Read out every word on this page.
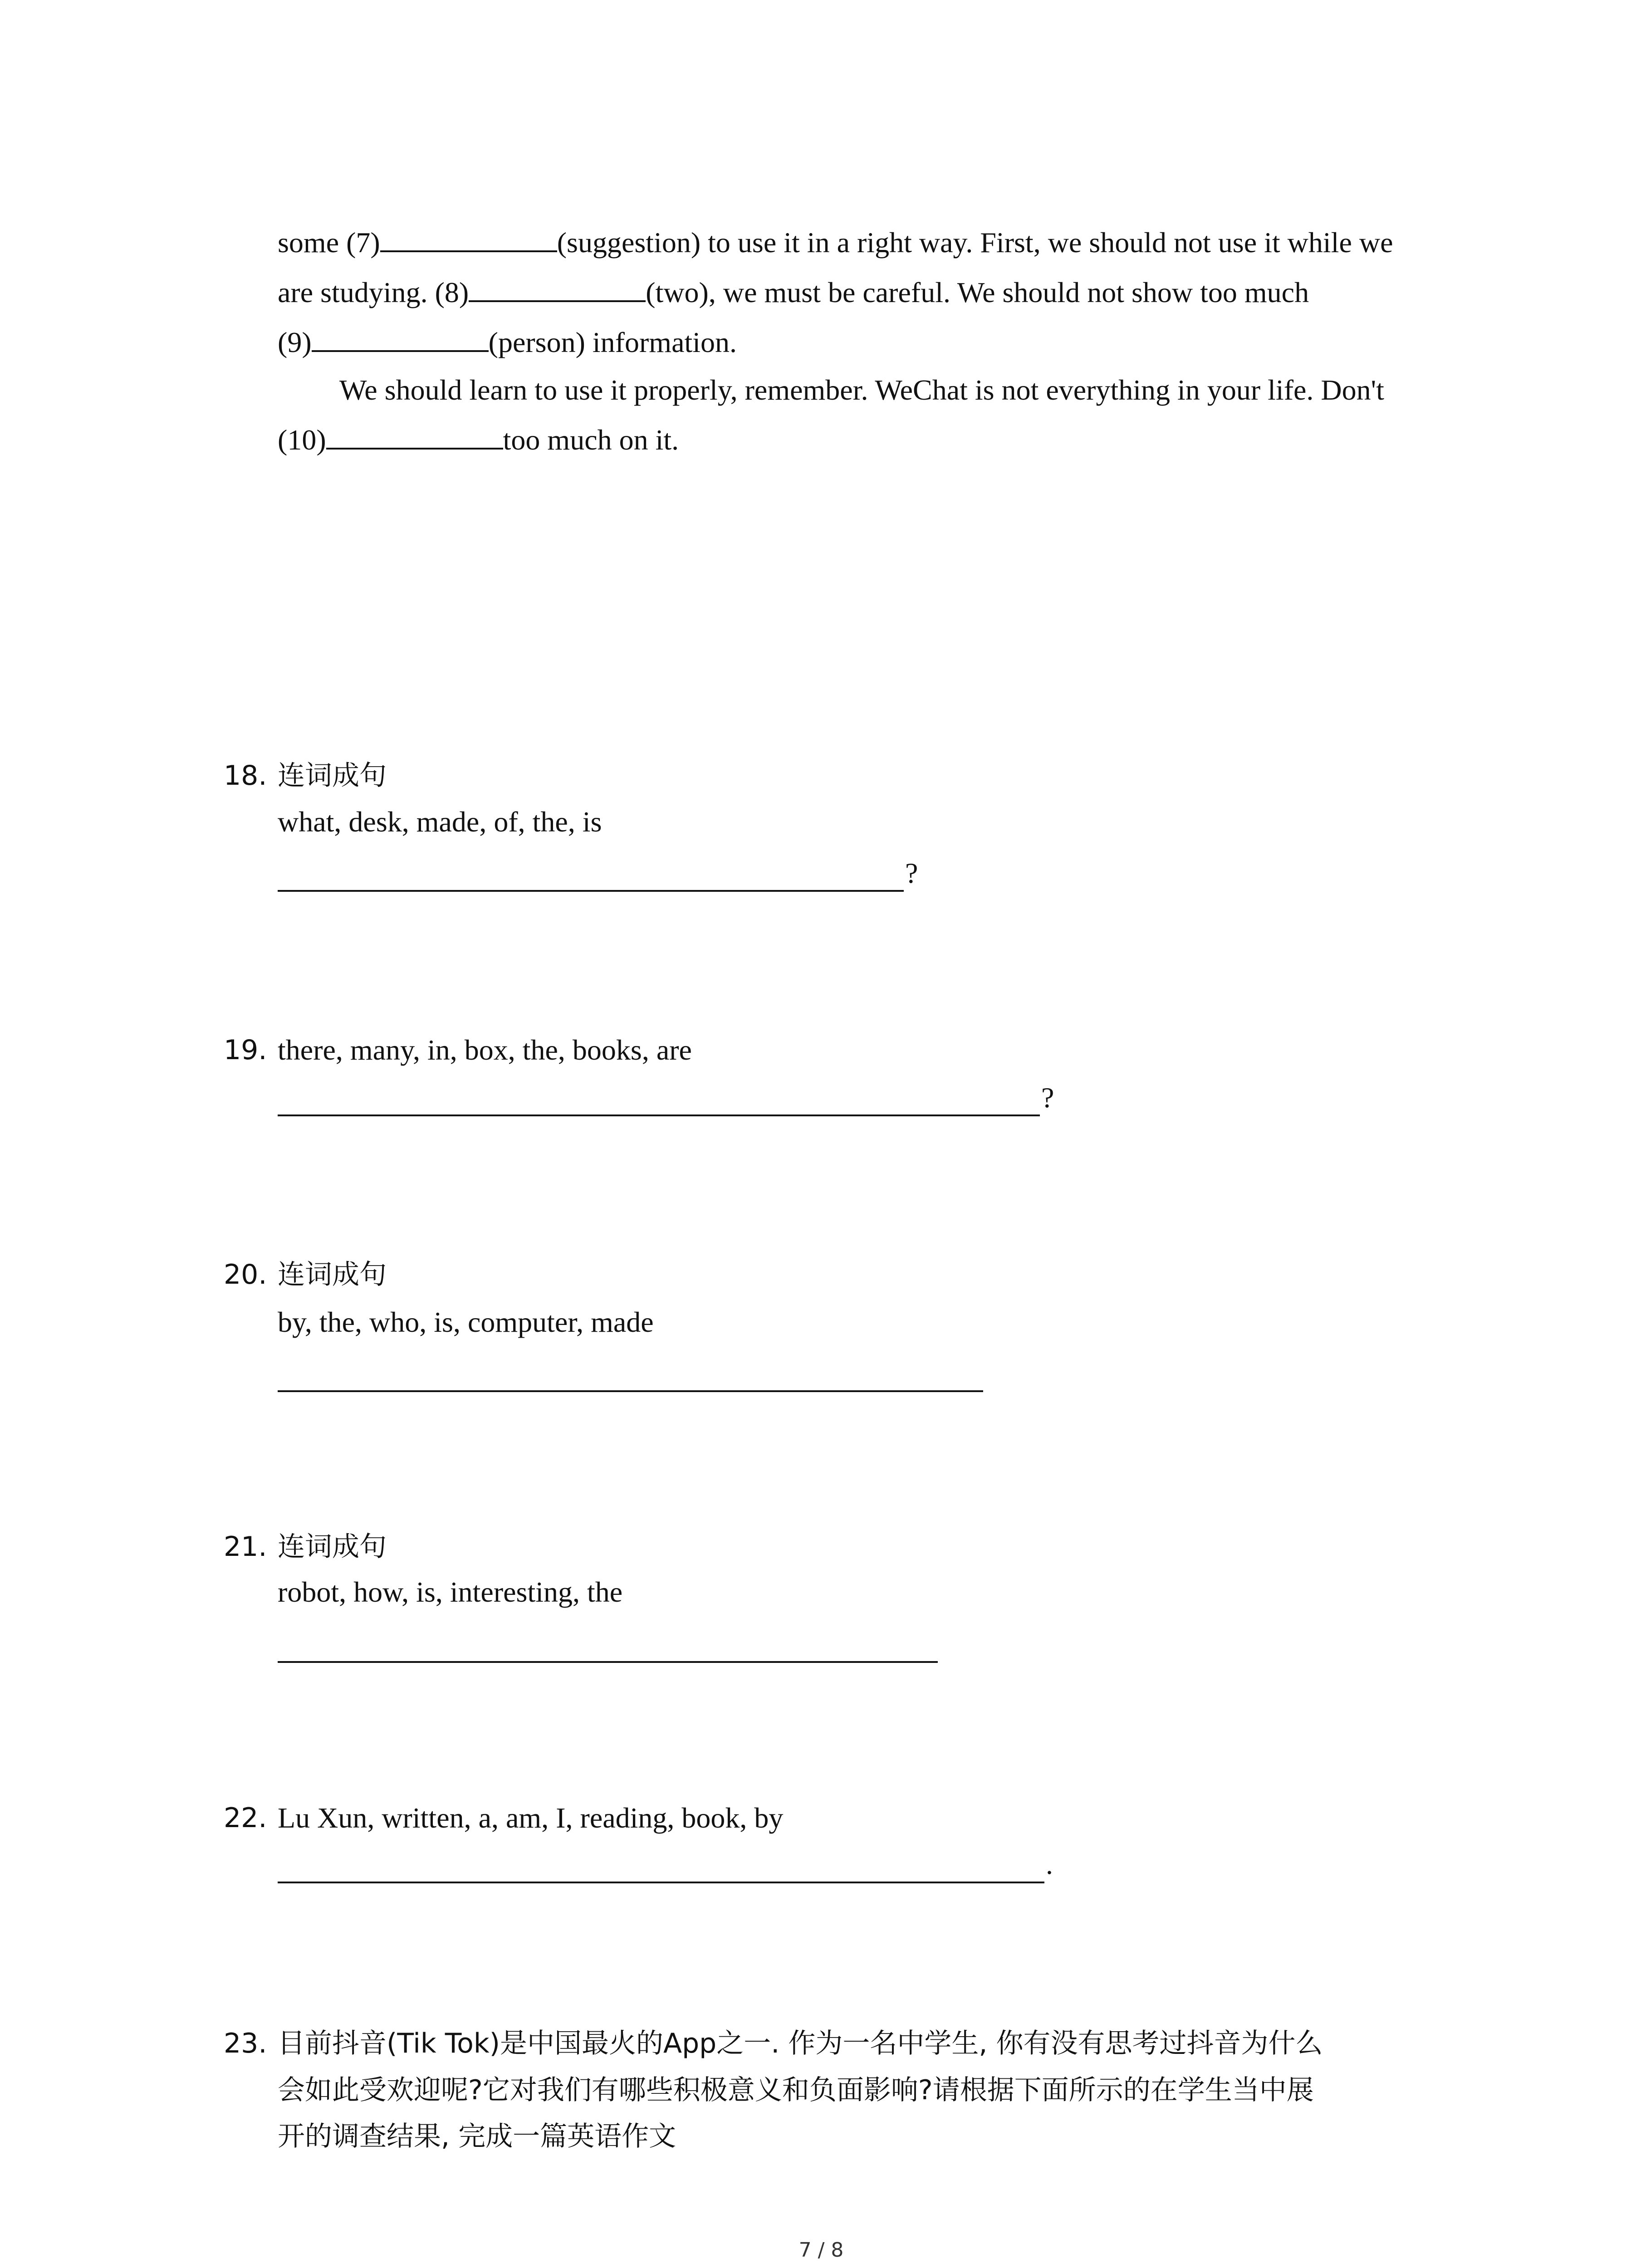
some (7)	(suggestion) to use it in a right way. First, we should not use it while we
are studying. (8)	(two), we must be careful. We should not show too much
(9)	(person) information.
We should learn to use it properly, remember. WeChat is not everything in your life. Don't
(10)	too much on it.
18. 连词成句
what, desk, made, of, the, is
?
19. there, many, in, box, the, books, are
?
20. 连词成句
by, the, who, is, computer, made
21. 连词成句
robot, how, is, interesting, the
22. Lu Xun, written, a, am, I, reading, book, by
.
23. 目前抖音(Tik Tok)是中国最火的App之一. 作为一名中学生, 你有没有思考过抖音为什么
会如此受欢迎呢?它对我们有哪些积极意义和负面影响?请根据下面所示的在学生当中展
开的调查结果, 完成一篇英语作文
7 / 8
